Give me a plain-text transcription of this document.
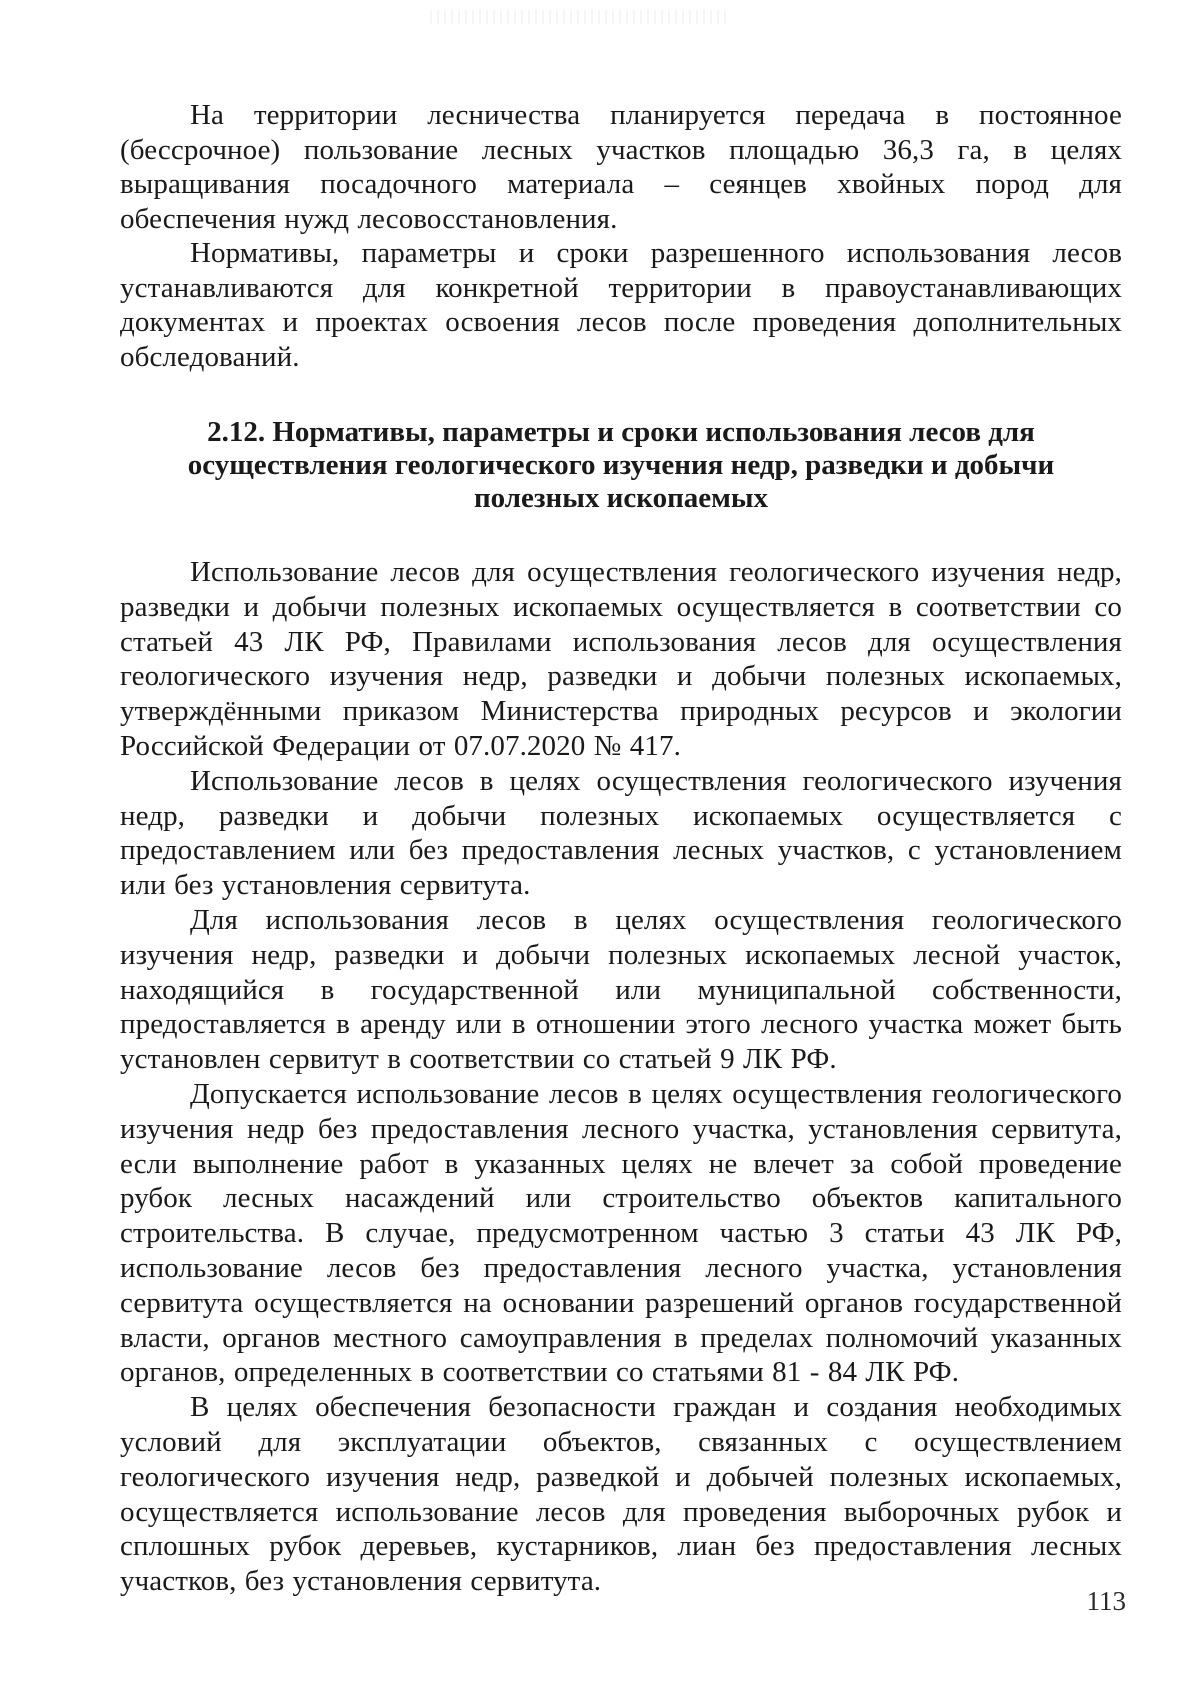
На территории лесничества планируется передача в постоянное (бессрочное) пользование лесных участков площадью 36,3 га, в целях выращивания посадочного материала – сеянцев хвойных пород для обеспечения нужд лесовосстановления.

Нормативы, параметры и сроки разрешенного использования лесов устанавливаются для конкретной территории в правоустанавливающих документах и проектах освоения лесов после проведения дополнительных обследований.

2.12. Нормативы, параметры и сроки использования лесов для
осуществления геологического изучения недр, разведки и добычи
полезных ископаемых

Использование лесов для осуществления геологического изучения недр, разведки и добычи полезных ископаемых осуществляется в соответствии со статьей 43 ЛК РФ, Правилами использования лесов для осуществления геологического изучения недр, разведки и добычи полезных ископаемых, утверждёнными приказом Министерства природных ресурсов и экологии Российской Федерации от 07.07.2020 № 417.

Использование лесов в целях осуществления геологического изучения недр, разведки и добычи полезных ископаемых осуществляется с предоставлением или без предоставления лесных участков, с установлением или без установления сервитута.

Для использования лесов в целях осуществления геологического изучения недр, разведки и добычи полезных ископаемых лесной участок, находящийся в государственной или муниципальной собственности, предоставляется в аренду или в отношении этого лесного участка может быть установлен сервитут в соответствии со статьей 9 ЛК РФ.

Допускается использование лесов в целях осуществления геологического изучения недр без предоставления лесного участка, установления сервитута, если выполнение работ в указанных целях не влечет за собой проведение рубок лесных насаждений или строительство объектов капитального строительства. В случае, предусмотренном частью 3 статьи 43 ЛК РФ, использование лесов без предоставления лесного участка, установления сервитута осуществляется на основании разрешений органов государственной власти, органов местного самоуправления в пределах полномочий указанных органов, определенных в соответствии со статьями 81 - 84 ЛК РФ.

В целях обеспечения безопасности граждан и создания необходимых условий для эксплуатации объектов, связанных с осуществлением геологического изучения недр, разведкой и добычей полезных ископаемых, осуществляется использование лесов для проведения выборочных рубок и сплошных рубок деревьев, кустарников, лиан без предоставления лесных участков, без установления сервитута.

113
